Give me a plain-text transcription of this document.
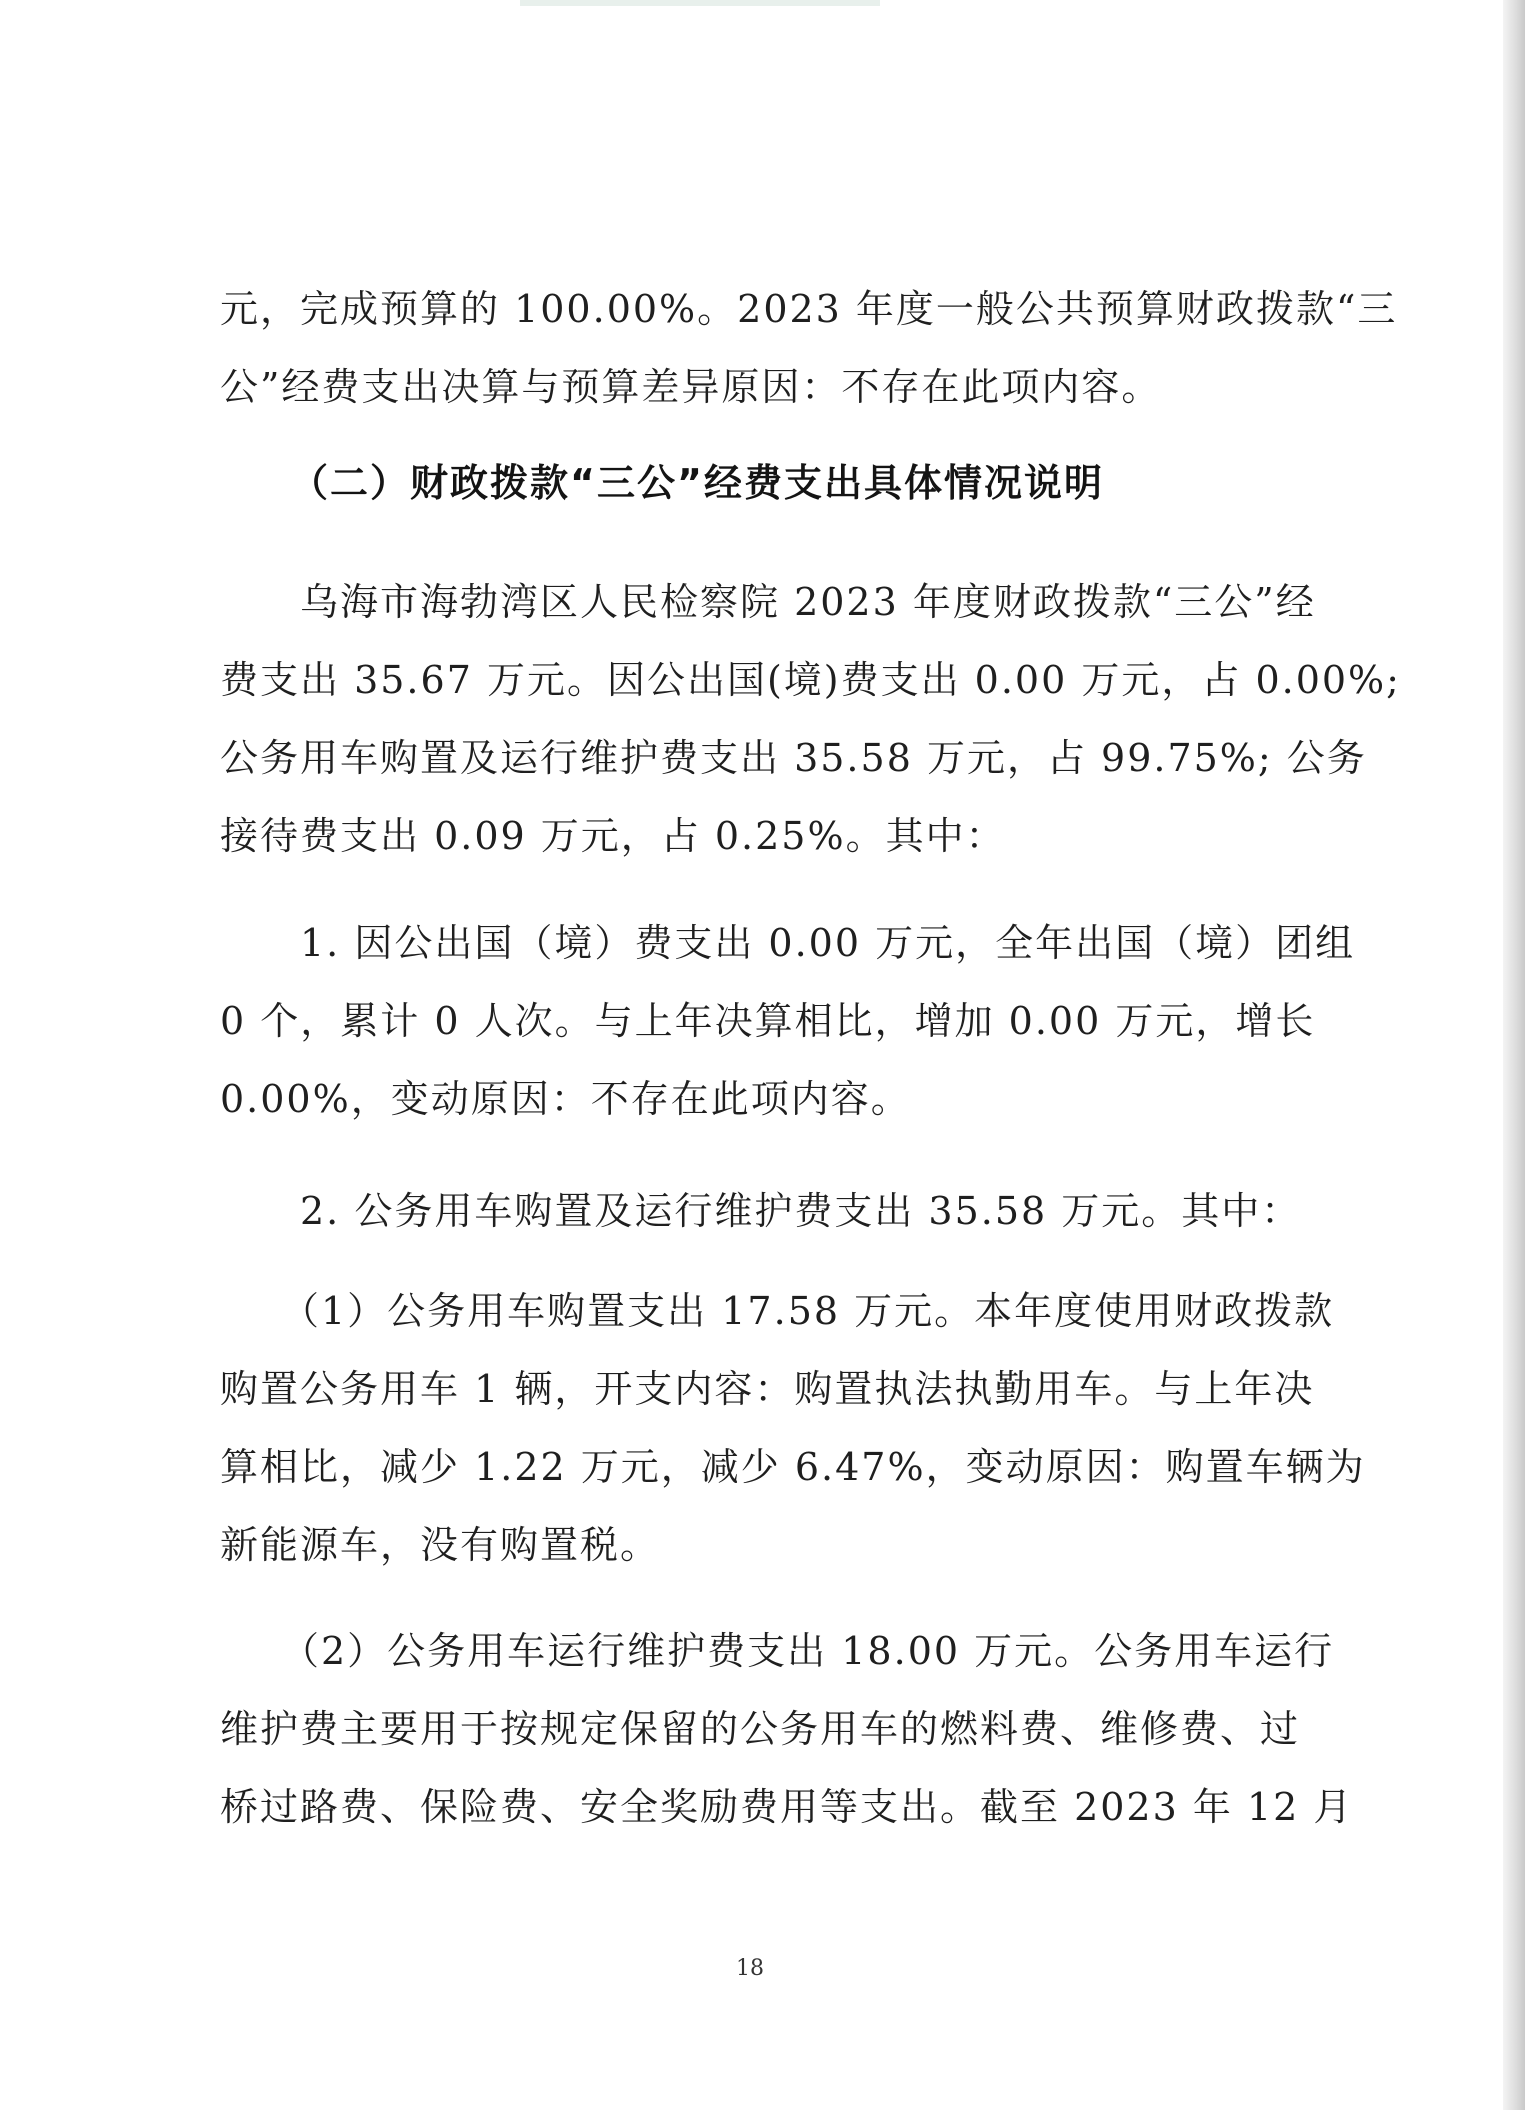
元，完成预算的 100.00%。2023 年度一般公共预算财政拨款“三
公”经费支出决算与预算差异原因：不存在此项内容。
（二）财政拨款“三公”经费支出具体情况说明
　　乌海市海勃湾区人民检察院 2023 年度财政拨款“三公”经
费支出 35.67 万元。因公出国(境)费支出 0.00 万元，占 0.00%;
公务用车购置及运行维护费支出 35.58 万元，占 99.75%; 公务
接待费支出 0.09 万元，占 0.25%。其中：
　　1. 因公出国（境）费支出 0.00 万元，全年出国（境）团组
0 个，累计 0 人次。与上年决算相比，增加 0.00 万元，增长
0.00%，变动原因：不存在此项内容。
　　2. 公务用车购置及运行维护费支出 35.58 万元。其中：
　　（1）公务用车购置支出 17.58 万元。本年度使用财政拨款
购置公务用车 1 辆，开支内容：购置执法执勤用车。与上年决
算相比，减少 1.22 万元，减少 6.47%，变动原因：购置车辆为
新能源车，没有购置税。
　　（2）公务用车运行维护费支出 18.00 万元。公务用车运行
维护费主要用于按规定保留的公务用车的燃料费、维修费、过
桥过路费、保险费、安全奖励费用等支出。截至 2023 年 12 月
18
